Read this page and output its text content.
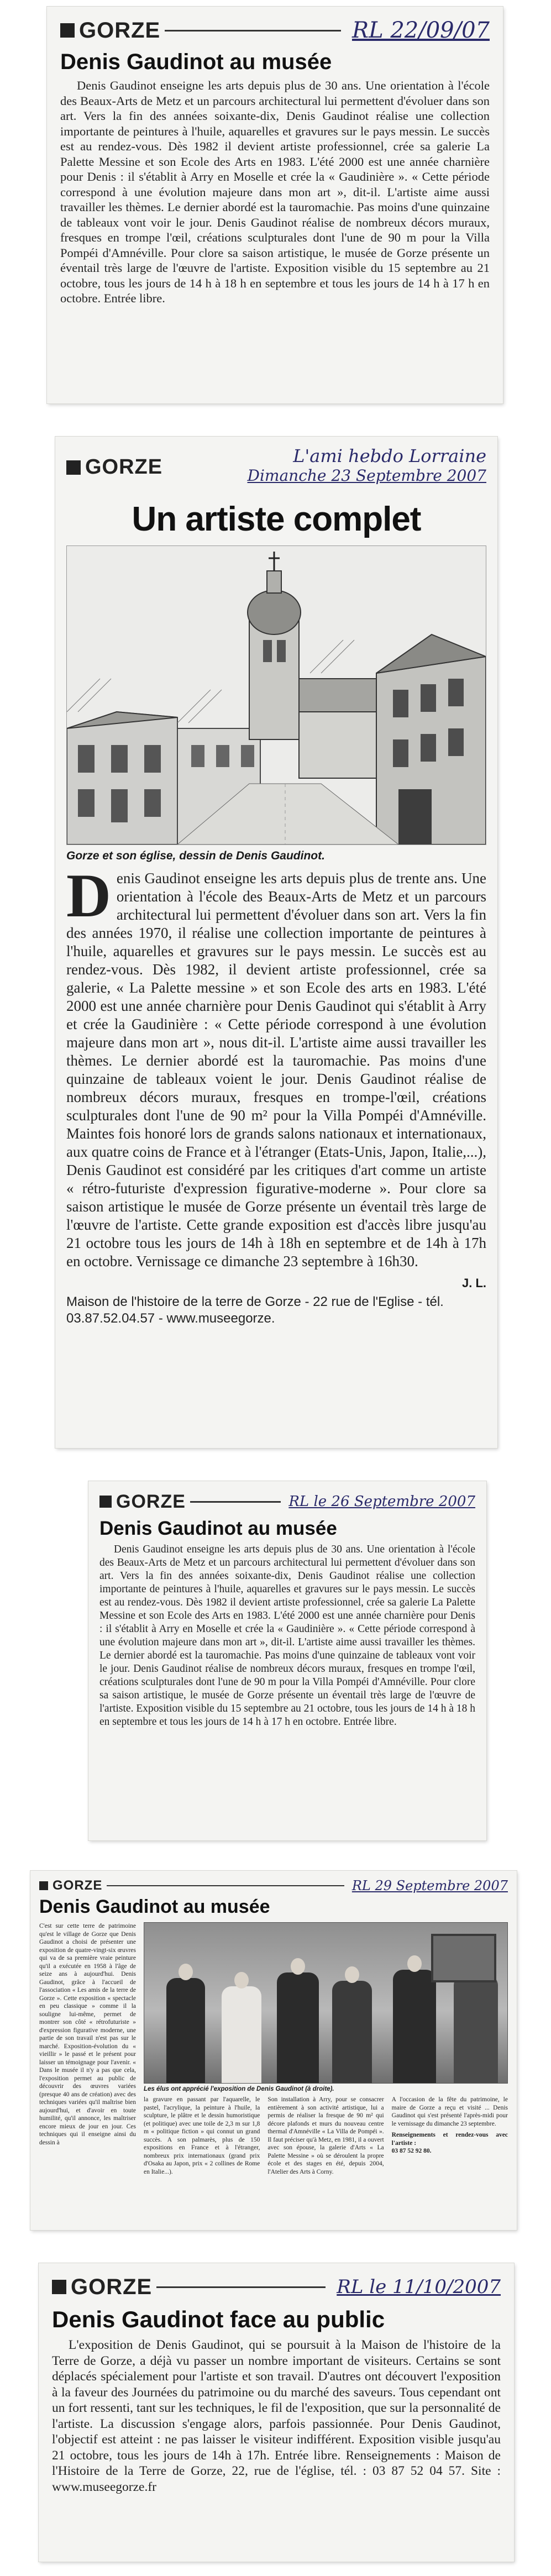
GORZE	RL 22/09/07
Denis Gaudinot au musée

Denis Gaudinot enseigne les arts depuis plus de 30 ans. Une orientation à l'école des Beaux-Arts de Metz et un parcours architectural lui permettent d'évoluer dans son art. Vers la fin des années soixante-dix, Denis Gaudinot réalise une collection importante de peintures à l'huile, aquarelles et gravures sur le pays messin. Le succès est au rendez-vous. Dès 1982 il devient artiste professionnel, crée sa galerie La Palette Messine et son Ecole des Arts en 1983. L'été 2000 est une année charnière pour Denis : il s'établit à Arry en Moselle et crée la « Gaudinière ». « Cette période correspond à une évolution majeure dans mon art », dit-il. L'artiste aime aussi travailler les thèmes. Le dernier abordé est la tauromachie. Pas moins d'une quinzaine de tableaux vont voir le jour. Denis Gaudinot réalise de nombreux décors muraux, fresques en trompe l'œil, créations sculpturales dont l'une de 90 m pour la Villa Pompéi d'Amnéville. Pour clore sa saison artistique, le musée de Gorze présente un éventail très large de l'œuvre de l'artiste. Exposition visible du 15 septembre au 21 octobre, tous les jours de 14 h à 18 h en septembre et tous les jours de 14 h à 17 h en octobre. Entrée libre.

GORZE	L'ami hebdo Lorraine
Dimanche 23 Septembre 2007
Un artiste complet
Gorze et son église, dessin de Denis Gaudinot.

Denis Gaudinot enseigne les arts depuis plus de trente ans. Une orientation à l'école des Beaux-Arts de Metz et un parcours architectural lui permettent d'évoluer dans son art. Vers la fin des années 1970, il réalise une collection importante de peintures à l'huile, aquarelles et gravures sur le pays messin. Le succès est au rendez-vous. Dès 1982, il devient artiste professionnel, crée sa galerie, « La Palette messine » et son Ecole des arts en 1983. L'été 2000 est une année charnière pour Denis Gaudinot qui s'établit à Arry et crée la Gaudinière : « Cette période correspond à une évolution majeure dans mon art », nous dit-il. L'artiste aime aussi travailler les thèmes. Le dernier abordé est la tauromachie. Pas moins d'une quinzaine de tableaux voient le jour. Denis Gaudinot réalise de nombreux décors muraux, fresques en trompe-l'œil, créations sculpturales dont l'une de 90 m² pour la Villa Pompéi d'Amnéville. Maintes fois honoré lors de grands salons nationaux et internationaux, aux quatre coins de France et à l'étranger (Etats-Unis, Japon, Italie,...), Denis Gaudinot est considéré par les critiques d'art comme un artiste « rétro-futuriste d'expression figurative-moderne ». Pour clore sa saison artistique le musée de Gorze présente un éventail très large de l'œuvre de l'artiste. Cette grande exposition est d'accès libre jusqu'au 21 octobre tous les jours de 14h à 18h en septembre et de 14h à 17h en octobre. Vernissage ce dimanche 23 septembre à 16h30.

J. L.
Maison de l'histoire de la terre de Gorze - 22 rue de l'Eglise - tél. 03.87.52.04.57 - www.museegorze.
GORZE	RL le 26 Septembre 2007
Denis Gaudinot au musée

Denis Gaudinot enseigne les arts depuis plus de 30 ans. Une orientation à l'école des Beaux-Arts de Metz et un parcours architectural lui permettent d'évoluer dans son art. Vers la fin des années soixante-dix, Denis Gaudinot réalise une collection importante de peintures à l'huile, aquarelles et gravures sur le pays messin. Le succès est au rendez-vous. Dès 1982 il devient artiste professionnel, crée sa galerie La Palette Messine et son Ecole des Arts en 1983. L'été 2000 est une année charnière pour Denis : il s'établit à Arry en Moselle et crée la « Gaudinière ». « Cette période correspond à une évolution majeure dans mon art », dit-il. L'artiste aime aussi travailler les thèmes. Le dernier abordé est la tauromachie. Pas moins d'une quinzaine de tableaux vont voir le jour. Denis Gaudinot réalise de nombreux décors muraux, fresques en trompe l'œil, créations sculpturales dont l'une de 90 m pour la Villa Pompéi d'Amnéville. Pour clore sa saison artistique, le musée de Gorze présente un éventail très large de l'œuvre de l'artiste. Exposition visible du 15 septembre au 21 octobre, tous les jours de 14 h à 18 h en septembre et tous les jours de 14 h à 17 h en octobre. Entrée libre.

GORZE	RL 29 Septembre 2007
Denis Gaudinot au musée
C'est sur cette terre de patrimoine qu'est le village de Gorze que Denis Gaudinot a choisi de présenter une exposition de quatre-vingt-six œuvres qui va de sa première vraie peinture qu'il a exécutée en 1958 à l'âge de seize ans à aujourd'hui. Denis Gaudinot, grâce à l'accueil de l'association « Les amis de la terre de Gorze ». Cette exposition « spectacle en peu classique » comme il la souligne lui-même, permet de montrer son côté « rétrofuturiste » d'expression figurative moderne, une partie de son travail n'est pas sur le marché. Exposition-évolution du « vieillir » le passé et le présent pour laisser un témoignage pour l'avenir. « Dans le musée il n'y a pas que cela, l'exposition permet au public de découvrir des œuvres variées (presque 40 ans de création) avec des techniques variées qu'il maîtrise bien aujourd'hui, et d'avoir en toute humilité, qu'il annonce, les maîtriser encore mieux de jour en jour. Ces techniques qui il enseigne ainsi du dessin à
Les élus ont apprécié l'exposition de Denis Gaudinot (à droite).

la gravure en passant par l'aquarelle, le pastel, l'acrylique, la peinture à l'huile, la sculpture, le plâtre et le dessin humoristique (et politique) avec une toile de 2,3 m sur 1,8 m « politique fiction » qui connut un grand succès. A son palmarès, plus de 150 expositions en France et à l'étranger, nombreux prix internationaux (grand prix d'Osaka au Japon, prix « 2 collines de Rome en Italie...).

Son installation à Arry, pour se consacrer entièrement à son activité artistique, lui a permis de réaliser la fresque de 90 m² qui décore plafonds et murs du nouveau centre thermal d'Amnéville « La Villa de Pompéi ». Il faut préciser qu'à Metz, en 1981, il a ouvert avec son épouse, la galerie d'Arts « La Palette Messine » où se déroulent la propre école et des stages en été, depuis 2004, l'Atelier des Arts à Corny.

A l'occasion de la fête du patrimoine, le maire de Gorze a reçu et visité ... Denis Gaudinot qui s'est présenté l'après-midi pour le vernissage du dimanche 23 septembre.

Renseignements et rendez-vous avec l'artiste :

03 87 52 92 80.

GORZE	RL le 11/10/2007
Denis Gaudinot face au public

L'exposition de Denis Gaudinot, qui se poursuit à la Maison de l'histoire de la Terre de Gorze, a déjà vu passer un nombre important de visiteurs. Certains se sont déplacés spécialement pour l'artiste et son travail. D'autres ont découvert l'exposition à la faveur des Journées du patrimoine ou du marché des saveurs. Tous cependant ont un fort ressenti, tant sur les techniques, le fil de l'exposition, que sur la personnalité de l'artiste. La discussion s'engage alors, parfois passionnée. Pour Denis Gaudinot, l'objectif est atteint : ne pas laisser le visiteur indifférent. Exposition visible jusqu'au 21 octobre, tous les jours de 14h à 17h. Entrée libre. Renseignements : Maison de l'Histoire de la Terre de Gorze, 22, rue de l'église, tél. : 03 87 52 04 57. Site : www.museegorze.fr
